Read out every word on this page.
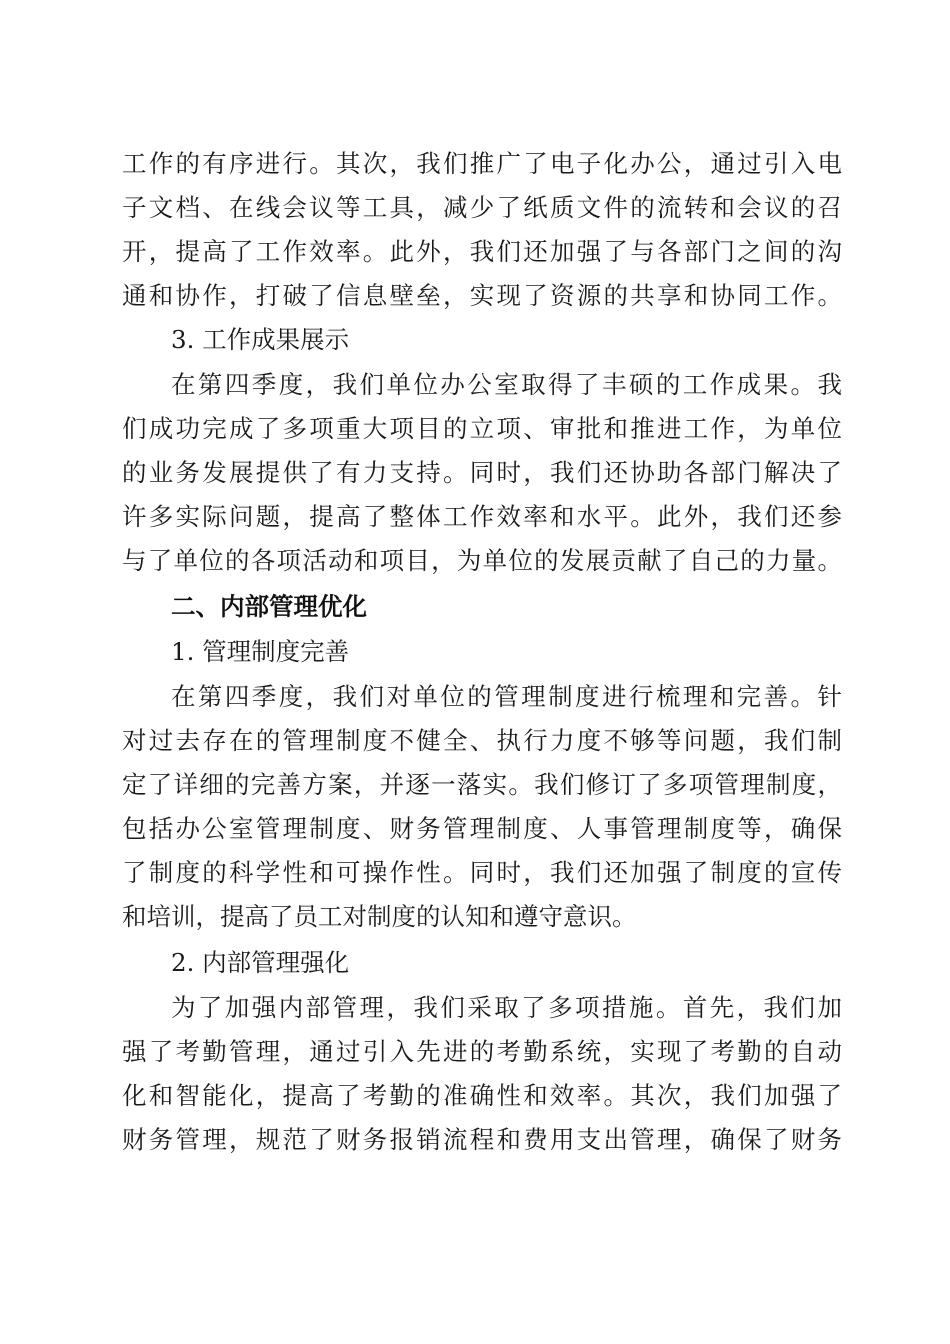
工作的有序进行。其次，我们推广了电子化办公，通过引入电
子文档、在线会议等工具，减少了纸质文件的流转和会议的召
开，提高了工作效率。此外，我们还加强了与各部门之间的沟
通和协作，打破了信息壁垒，实现了资源的共享和协同工作。
3. 工作成果展示
在第四季度，我们单位办公室取得了丰硕的工作成果。我
们成功完成了多项重大项目的立项、审批和推进工作，为单位
的业务发展提供了有力支持。同时，我们还协助各部门解决了
许多实际问题，提高了整体工作效率和水平。此外，我们还参
与了单位的各项活动和项目，为单位的发展贡献了自己的力量。
二、内部管理优化
1. 管理制度完善
在第四季度，我们对单位的管理制度进行梳理和完善。针
对过去存在的管理制度不健全、执行力度不够等问题，我们制
定了详细的完善方案，并逐一落实。我们修订了多项管理制度，
包括办公室管理制度、财务管理制度、人事管理制度等，确保
了制度的科学性和可操作性。同时，我们还加强了制度的宣传
和培训，提高了员工对制度的认知和遵守意识。
2. 内部管理强化
为了加强内部管理，我们采取了多项措施。首先，我们加
强了考勤管理，通过引入先进的考勤系统，实现了考勤的自动
化和智能化，提高了考勤的准确性和效率。其次，我们加强了
财务管理，规范了财务报销流程和费用支出管理，确保了财务
